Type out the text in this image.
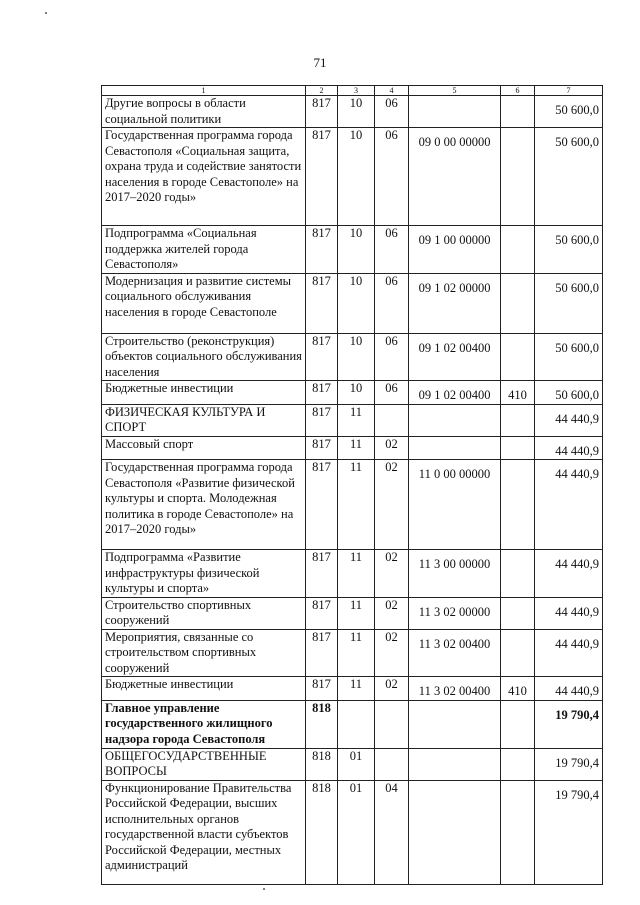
71
1	2	3	4	5	6	7
Другие вопросы в области социальной политики	817	10	06			50 600,0
Государственная программа города Севастополя «Социальная защита, охрана труда и содействие занятости населения в городе Севастополе» на 2017–2020 годы»	817	10	06	09 0 00 00000		50 600,0
Подпрограмма «Социальная поддержка жителей города Севастополя»	817	10	06	09 1 00 00000		50 600,0
Модернизация и развитие системы социального обслуживания населения в городе Севастополе	817	10	06	09 1 02 00000		50 600,0
Строительство (реконструкция) объектов социального обслуживания населения	817	10	06	09 1 02 00400		50 600,0
Бюджетные инвестиции	817	10	06	09 1 02 00400	410	50 600,0
ФИЗИЧЕСКАЯ КУЛЬТУРА И СПОРТ	817	11				44 440,9
Массовый спорт	817	11	02			44 440,9
Государственная программа города Севастополя «Развитие физической культуры и спорта. Молодежная политика в городе Севастополе» на 2017–2020 годы»	817	11	02	11 0 00 00000		44 440,9
Подпрограмма «Развитие инфраструктуры физической культуры и спорта»	817	11	02	11 3 00 00000		44 440,9
Строительство спортивных сооружений	817	11	02	11 3 02 00000		44 440,9
Мероприятия, связанные со строительством спортивных сооружений	817	11	02	11 3 02 00400		44 440,9
Бюджетные инвестиции	817	11	02	11 3 02 00400	410	44 440,9
Главное управление государственного жилищного надзора города Севастополя	818					19 790,4
ОБЩЕГОСУДАРСТВЕННЫЕ ВОПРОСЫ	818	01				19 790,4
Функционирование Правительства Российской Федерации, высших исполнительных органов государственной власти субъектов Российской Федерации, местных администраций	818	01	04			19 790,4
